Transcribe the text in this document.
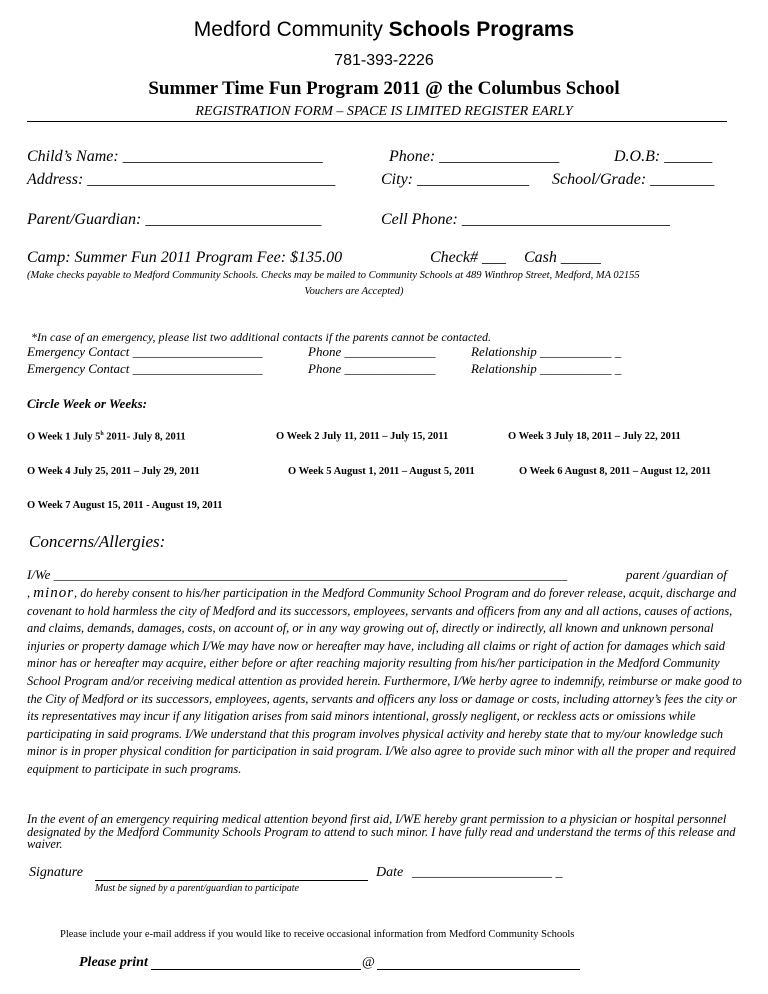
Medford Community Schools Programs
781-393-2226
Summer Time Fun Program 2011 @ the Columbus School
REGISTRATION FORM – SPACE IS LIMITED REGISTER EARLY
Child’s Name: _________________________	Phone: _______________	D.O.B: ______
Address: _______________________________	City: ______________ School/Grade: ________
Parent/Guardian: ______________________	Cell Phone: __________________________
Camp: Summer Fun 2011 Program Fee: $135.00	Check# ___ Cash _____
(Make checks payable to Medford Community Schools. Checks may be mailed to Community Schools at 489 Winthrop Street, Medford, MA 02155
Vouchers are Accepted)
*In case of an emergency, please list two additional contacts if the parents cannot be contacted.
Emergency Contact ____________________	Phone ______________	Relationship ___________ _
Emergency Contact ____________________	Phone ______________	Relationship ___________ _
Circle Week or Weeks:
O Week 1 July 5$^h$ 2011- July 8, 2011	O Week 2 July 11, 2011 – July 15, 2011	O Week 3 July 18, 2011 – July 22, 2011
O Week 4 July 25, 2011 – July 29, 2011	O Week 5 August 1, 2011 – August 5, 2011	O Week 6 August 8, 2011 – August 12, 2011
O Week 7 August 15, 2011 - August 19, 2011
Concerns/Allergies:
I/We _______________________________________________________________________________	parent /guardian of
, minor, do hereby consent to his/her participation in the Medford Community School Program and do forever release, acquit, discharge and covenant to hold harmless the city of Medford and its successors, employees, servants and officers from any and all actions, causes of actions, and claims, demands, damages, costs, on account of, or in any way growing out of, directly or indirectly, all known and unknown personal injuries or property damage which I/We may have now or hereafter may have, including all claims or right of action for damages which said minor has or hereafter may acquire, either before or after reaching majority resulting from his/her participation in the Medford Community School Program and/or receiving medical attention as provided herein. Furthermore, I/We herby agree to indemnify, reimburse or make good to the City of Medford or its successors, employees, agents, servants and officers any loss or damage or costs, including attorney’s fees the city or its representatives may incur if any litigation arises from said minors intentional, grossly negligent, or reckless acts or omissions while participating in said programs. I/We understand that this program involves physical activity and hereby state that to my/our knowledge such minor is in proper physical condition for participation in said program. I/We also agree to provide such minor with all the proper and required equipment to participate in such programs.
In the event of an emergency requiring medical attention beyond first aid, I/WE hereby grant permission to a physician or hospital personnel designated by the Medford Community Schools Program to attend to such minor. I have fully read and understand the terms of this release and waiver.
Signature	Date ____________________ _
Must be signed by a parent/guardian to participate
Please include your e-mail address if you would like to receive occasional information from Medford Community Schools
Please print	@
